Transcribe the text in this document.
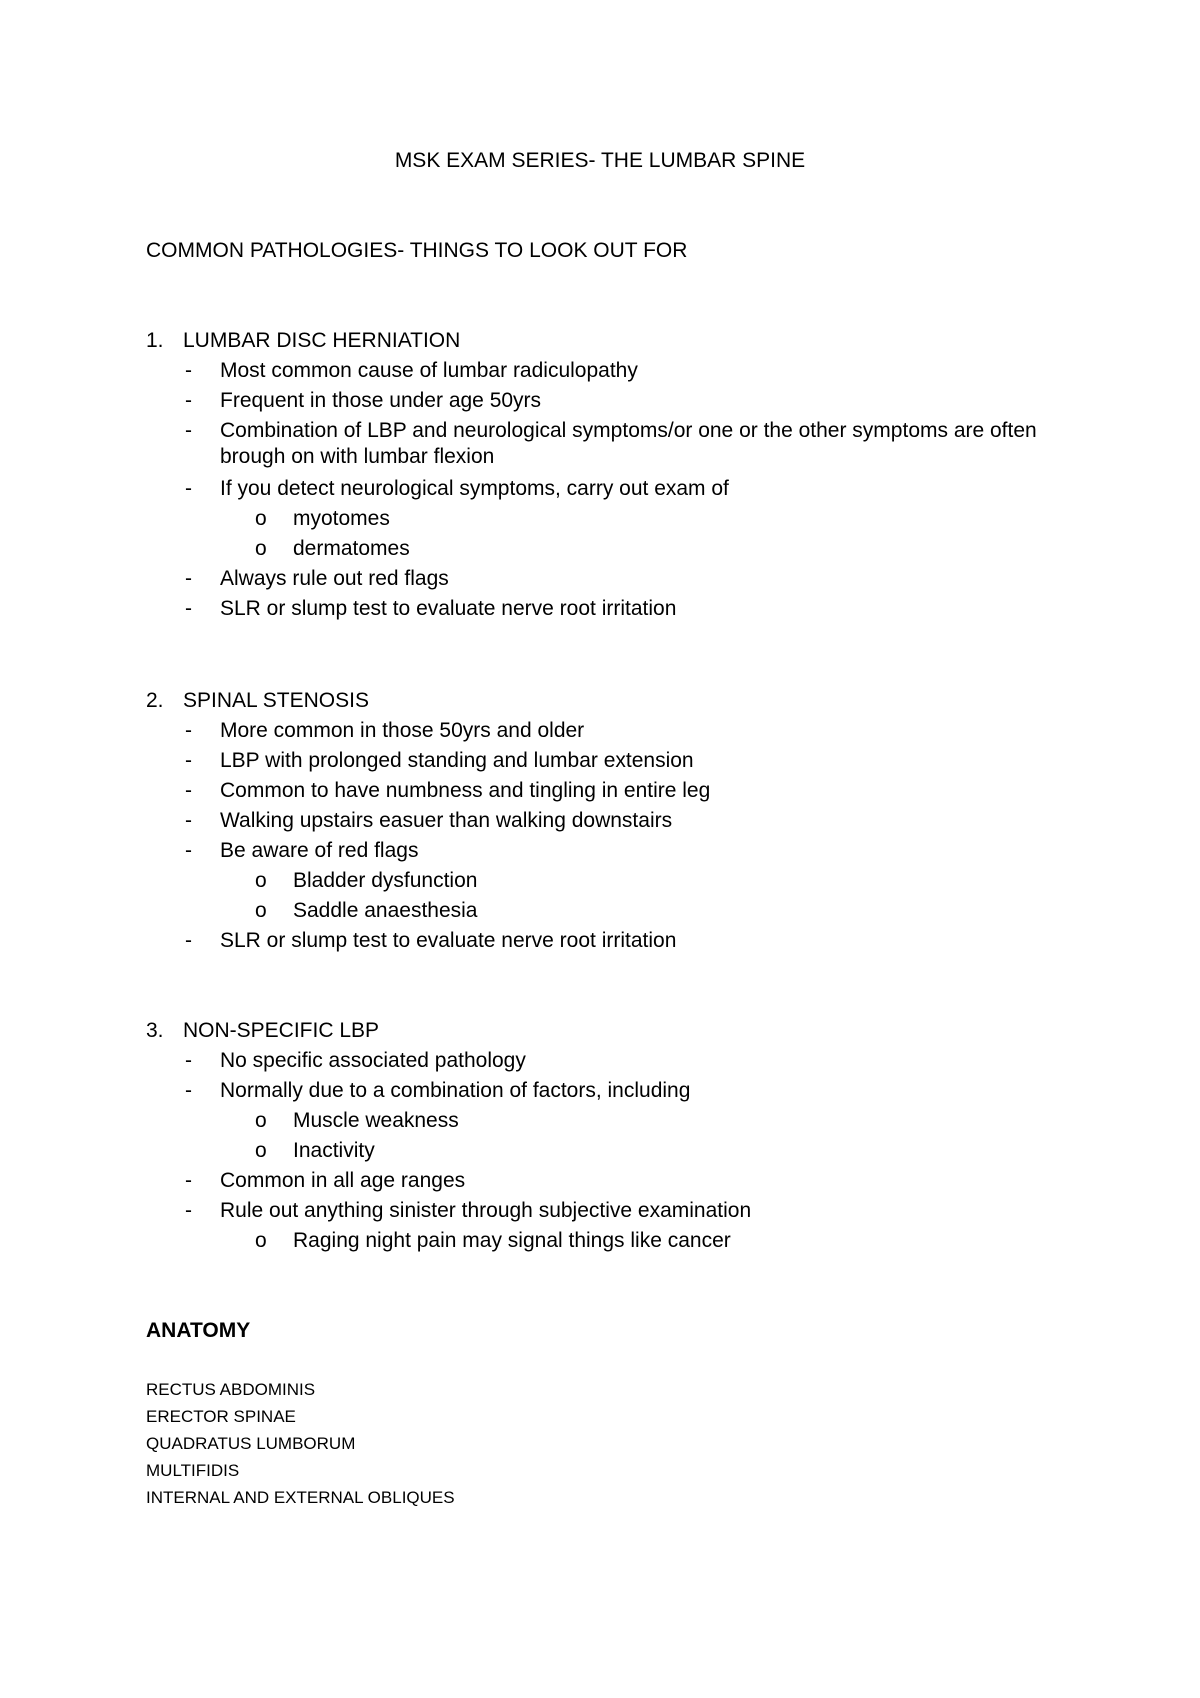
MSK EXAM SERIES- THE LUMBAR SPINE
COMMON PATHOLOGIES- THINGS TO LOOK OUT FOR
1. LUMBAR DISC HERNIATION
- Most common cause of lumbar radiculopathy
- Frequent in those under age 50yrs
- Combination of LBP and neurological symptoms/or one or the other symptoms are often brough on with lumbar flexion
- If you detect neurological symptoms, carry out exam of
o myotomes
o dermatomes
- Always rule out red flags
- SLR or slump test to evaluate nerve root irritation
2. SPINAL STENOSIS
- More common in those 50yrs and older
- LBP with prolonged standing and lumbar extension
- Common to have numbness and tingling in entire leg
- Walking upstairs easuer than walking downstairs
- Be aware of red flags
o Bladder dysfunction
o Saddle anaesthesia
- SLR or slump test to evaluate nerve root irritation
3. NON-SPECIFIC LBP
- No specific associated pathology
- Normally due to a combination of factors, including
o Muscle weakness
o Inactivity
- Common in all age ranges
- Rule out anything sinister through subjective examination
o Raging night pain may signal things like cancer
ANATOMY
RECTUS ABDOMINIS
ERECTOR SPINAE
QUADRATUS LUMBORUM
MULTIFIDIS
INTERNAL AND EXTERNAL OBLIQUES
